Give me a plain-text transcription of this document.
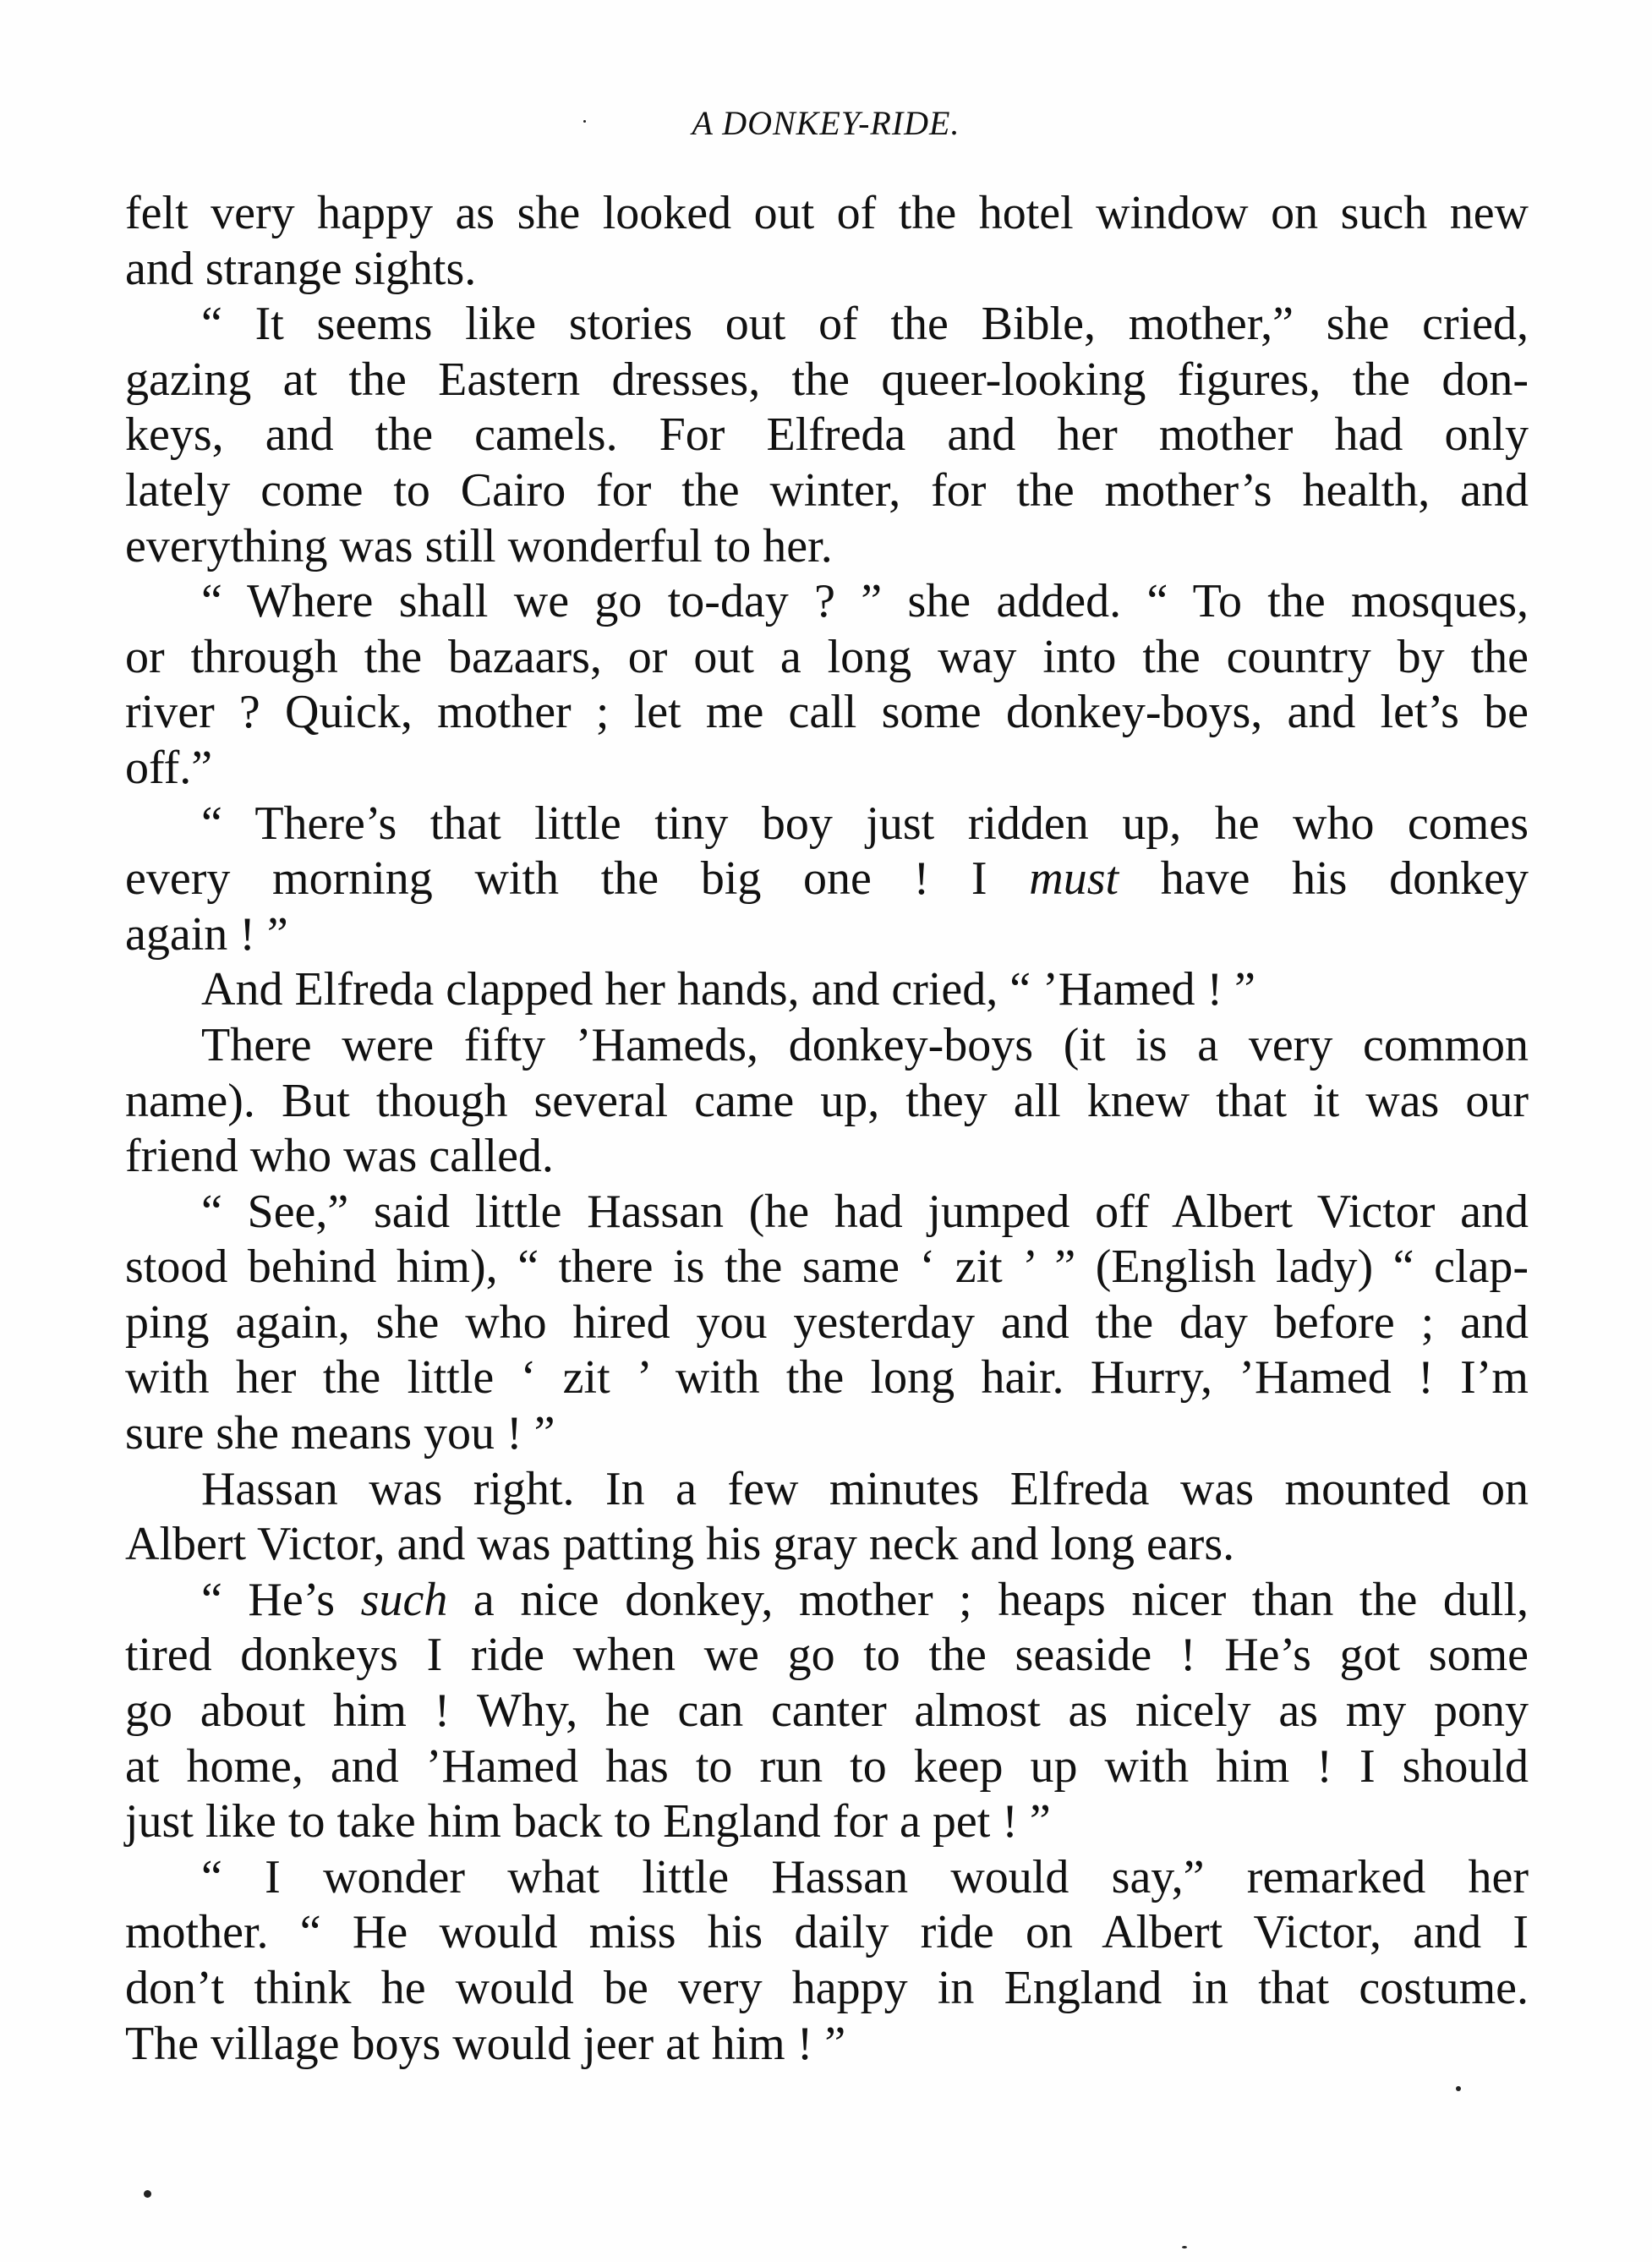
A DONKEY-RIDE.
felt very happy as she looked out of the hotel window on such new
and strange sights.
“ It seems like stories out of the Bible, mother,” she cried,
gazing at the Eastern dresses, the queer-looking figures, the don-
keys, and the camels. For Elfreda and her mother had only
lately come to Cairo for the winter, for the mother’s health, and
everything was still wonderful to her.
“ Where shall we go to-day ? ” she added. “ To the mosques,
or through the bazaars, or out a long way into the country by the
river ? Quick, mother ; let me call some donkey-boys, and let’s be
off.”
“ There’s that little tiny boy just ridden up, he who comes
every morning with the big one ! I must have his donkey
again ! ”
And Elfreda clapped her hands, and cried, “ ’Hamed ! ”
There were fifty ’Hameds, donkey-boys (it is a very common
name). But though several came up, they all knew that it was our
friend who was called.
“ See,” said little Hassan (he had jumped off Albert Victor and
stood behind him), “ there is the same ‘ zit ’ ” (English lady) “ clap-
ping again, she who hired you yesterday and the day before ; and
with her the little ‘ zit ’ with the long hair. Hurry, ’Hamed ! I’m
sure she means you ! ”
Hassan was right. In a few minutes Elfreda was mounted on
Albert Victor, and was patting his gray neck and long ears.
“ He’s such a nice donkey, mother ; heaps nicer than the dull,
tired donkeys I ride when we go to the seaside ! He’s got some
go about him ! Why, he can canter almost as nicely as my pony
at home, and ’Hamed has to run to keep up with him ! I should
just like to take him back to England for a pet ! ”
“ I wonder what little Hassan would say,” remarked her
mother. “ He would miss his daily ride on Albert Victor, and I
don’t think he would be very happy in England in that costume.
The village boys would jeer at him ! ”
